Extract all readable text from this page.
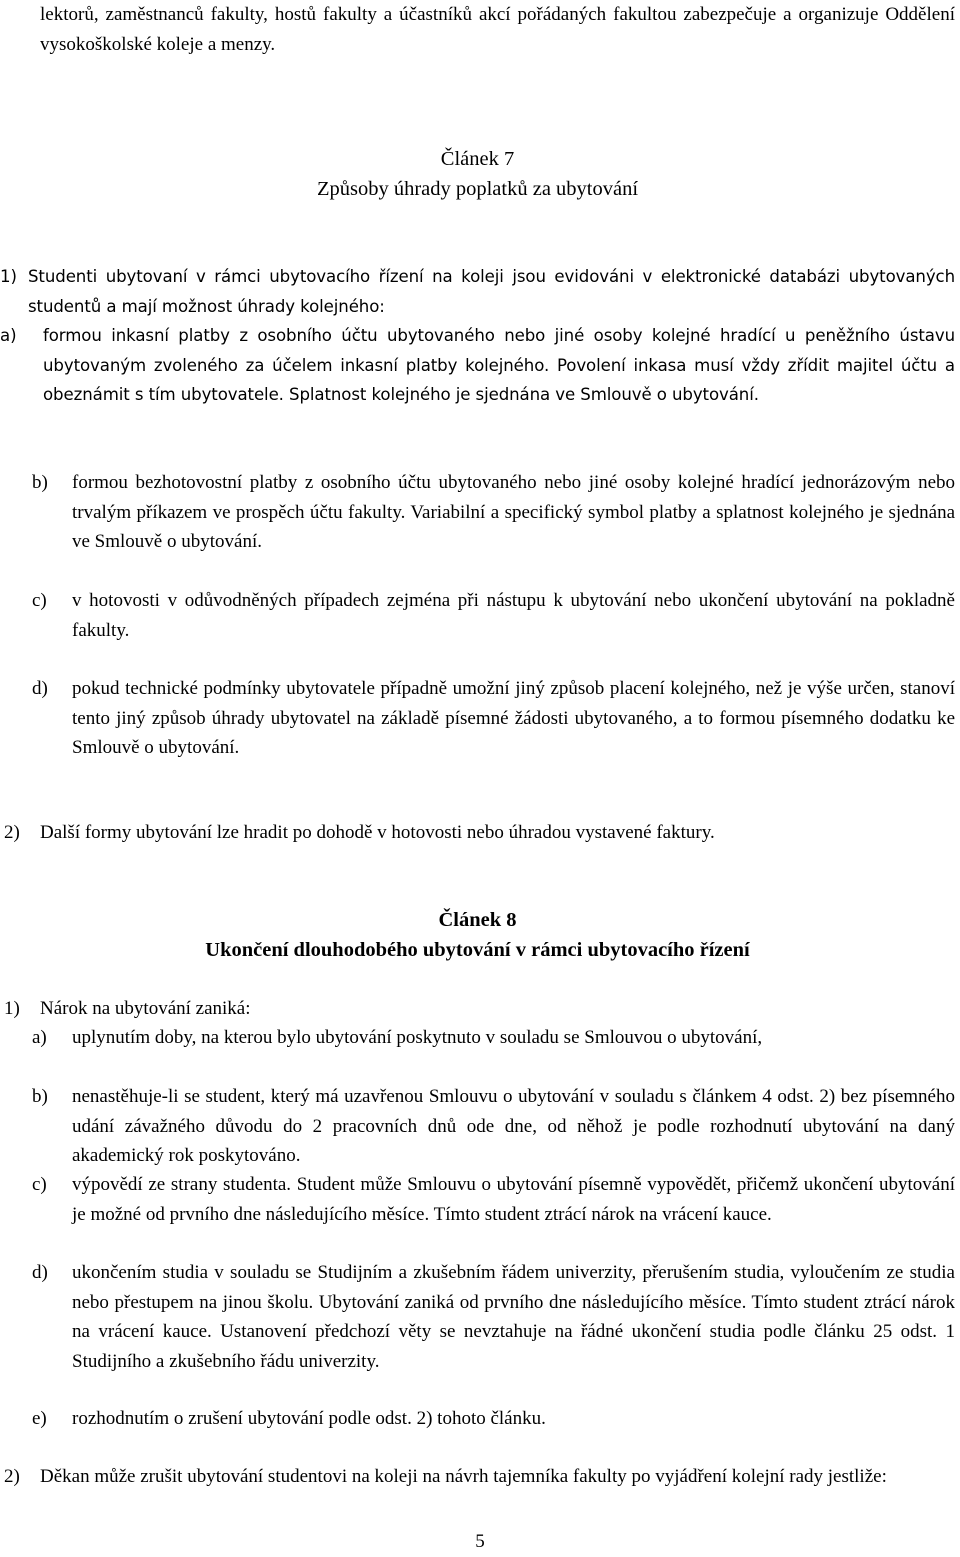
lektorů, zaměstnanců fakulty, hostů fakulty a účastníků akcí pořádaných fakultou zabezpečuje a organizuje Oddělení vysokoškolské koleje a menzy.

Článek 7

Způsoby úhrady poplatků za ubytování

1) Studenti ubytovaní v rámci ubytovacího řízení na koleji jsou evidováni v elektronické databázi ubytovaných studentů a mají možnost úhrady kolejného:

a) formou inkasní platby z osobního účtu ubytovaného nebo jiné osoby kolejné hradící u peněžního ústavu ubytovaným zvoleného za účelem inkasní platby kolejného. Povolení inkasa musí vždy zřídit majitel účtu a obeznámit s tím ubytovatele. Splatnost kolejného je sjednána ve Smlouvě o ubytování.

b) formou bezhotovostní platby z osobního účtu ubytovaného nebo jiné osoby kolejné hradící jednorázovým nebo trvalým příkazem ve prospěch účtu fakulty. Variabilní a specifický symbol platby a splatnost kolejného je sjednána ve Smlouvě o ubytování.

c) v hotovosti v odůvodněných případech zejména při nástupu k ubytování nebo ukončení ubytování na pokladně fakulty.

d) pokud technické podmínky ubytovatele případně umožní jiný způsob placení kolejného, než je výše určen, stanoví tento jiný způsob úhrady ubytovatel na základě písemné žádosti ubytovaného, a to formou písemného dodatku ke Smlouvě o ubytování.

2) Další formy ubytování lze hradit po dohodě v hotovosti nebo úhradou vystavené faktury.

Článek 8

Ukončení dlouhodobého ubytování v rámci ubytovacího řízení

1) Nárok na ubytování zaniká:

a) uplynutím doby, na kterou bylo ubytování poskytnuto v souladu se Smlouvou o ubytování,

b) nenastěhuje-li se student, který má uzavřenou Smlouvu o ubytování v souladu s článkem 4 odst. 2) bez písemného udání závažného důvodu do 2 pracovních dnů ode dne, od něhož je podle rozhodnutí ubytování na daný akademický rok poskytováno.

c) výpovědí ze strany studenta. Student může Smlouvu o ubytování písemně vypovědět, přičemž ukončení ubytování je možné od prvního dne následujícího měsíce. Tímto student ztrácí nárok na vrácení kauce.

d) ukončením studia v souladu se Studijním a zkušebním řádem univerzity, přerušením studia, vyloučením ze studia nebo přestupem na jinou školu. Ubytování zaniká od prvního dne následujícího měsíce. Tímto student ztrácí nárok na vrácení kauce. Ustanovení předchozí věty se nevztahuje na řádné ukončení studia podle článku 25 odst. 1 Studijního a zkušebního řádu univerzity.

e) rozhodnutím o zrušení ubytování podle odst. 2) tohoto článku.

2) Děkan může zrušit ubytování studentovi na koleji na návrh tajemníka fakulty po vyjádření kolejní rady jestliže:

5
